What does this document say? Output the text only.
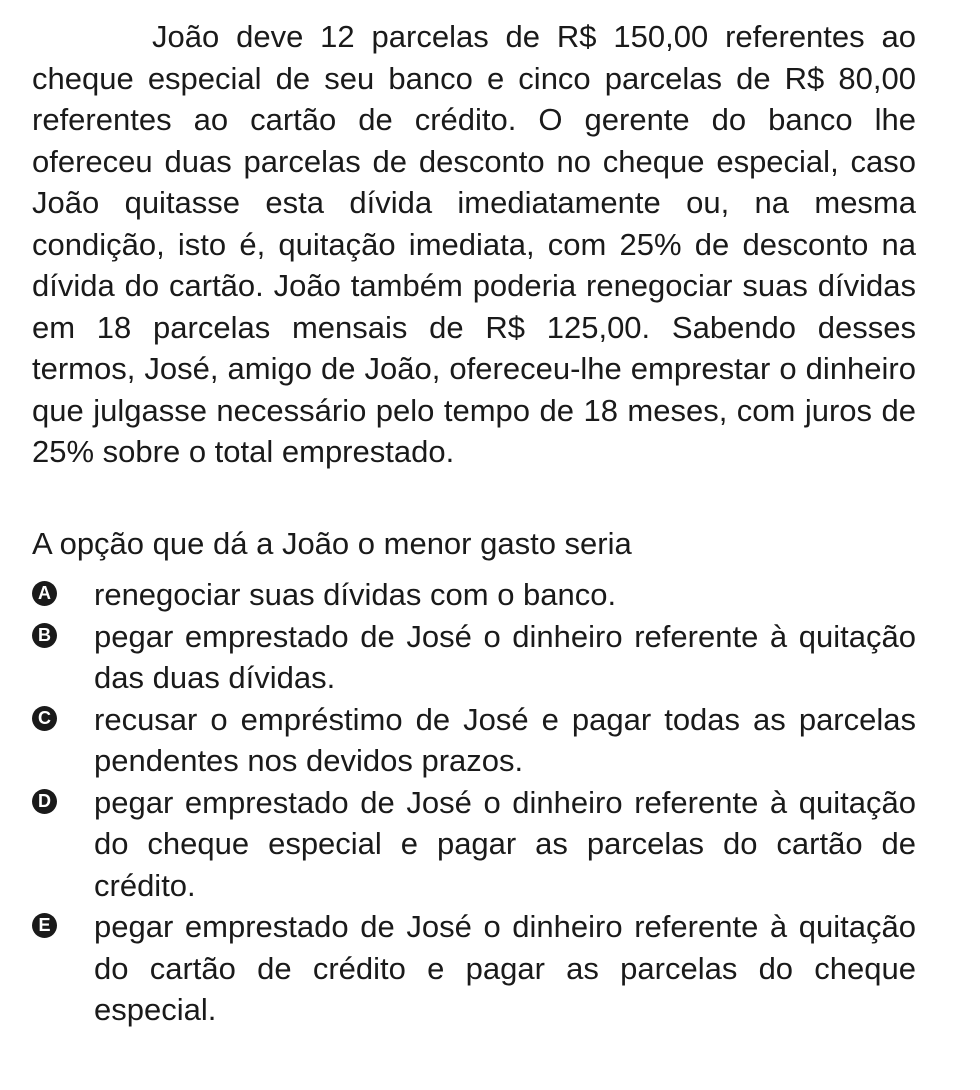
João deve 12 parcelas de R$ 150,00 referentes ao cheque especial de seu banco e cinco parcelas de R$ 80,00 referentes ao cartão de crédito. O gerente do banco lhe ofereceu duas parcelas de desconto no cheque especial, caso João quitasse esta dívida imediatamente ou, na mesma condição, isto é, quitação imediata, com 25% de desconto na dívida do cartão. João também poderia renegociar suas dívidas em 18 parcelas mensais de R$ 125,00. Sabendo desses termos, José, amigo de João, ofereceu-lhe emprestar o dinheiro que julgasse necessário pelo tempo de 18 meses, com juros de 25% sobre o total emprestado.

A opção que dá a João o menor gasto seria

A renegociar suas dívidas com o banco.
B pegar emprestado de José o dinheiro referente à quitação das duas dívidas.
C recusar o empréstimo de José e pagar todas as parcelas pendentes nos devidos prazos.
D pegar emprestado de José o dinheiro referente à quitação do cheque especial e pagar as parcelas do cartão de crédito.
E pegar emprestado de José o dinheiro referente à quitação do cartão de crédito e pagar as parcelas do cheque especial.
